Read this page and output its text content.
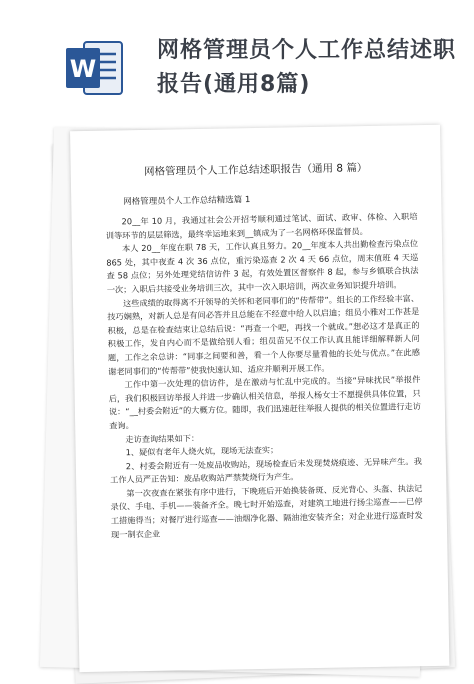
W
网格管理员个人工作总结述职
报告(通用8篇)
网格管理员个人工作总结述职报告（通用 8 篇）
网格管理员个人工作总结精选篇 1

20__年 10 月，我通过社会公开招考顺利通过笔试、面试、政审、体检、入职培训等环节的层层筛选，最终幸运地来到__镇成为了一名网格环保监督员。

本人 20__年度在职 78 天，工作认真且努力。20__年度本人共出勤检查污染点位 865 处，其中夜查 4 次 36 点位，重污染巡查 2 次 4 天 66 点位，周末值班 4 天巡查 58 点位；另外处理党结信访件 3 起，有效处置区督察件 8 起，参与乡镇联合执法一次；入职后共接受业务培训三次，其中一次入职培训，两次业务知识提升培训。

这些成绩的取得离不开领导的关怀和老同事们的“传帮带”。组长的工作经验丰富、技巧娴熟，对新人总是有问必答并且总能在不经意中给人以启迪；组员小雅对工作甚是积极，总是在检查结束让总结后说：“再查一个吧，再找一个就成。”想必这才是真正的积极工作，发自内心而不是做给别人看；组员苗兄不仅工作认真且能详细解释新人问题，工作之余总讲：“同事之间要和善，看一个人你要尽量看他的长处与优点。”在此感谢老同事们的“传帮带”使我快速认知、适应并顺利开展工作。

工作中第一次处理的信访件，是在激动与忙乱中完成的。当接“异味扰民”举报件后，我们积极回访举报人并进一步确认相关信息，举报人杨女士不愿提供具体位置，只说：“__村委会附近”的大概方位。随即，我们迅速赶往举报人提供的相关位置进行走访查询。

走访查询结果如下：

1、疑似有老年人烧火炕，现场无法查实；

2、村委会附近有一处废品收购站，现场检查后未发现焚烧痕迹、无异味产生。我工作人员严正告知：废品收购站严禁焚烧行为产生。

第一次夜查在紧张有序中进行，下晚班后开始换装备斑、反光背心、头盔、执法记录仪、手电、手机——装备齐全。晚七时开始巡查，对建筑工地进行扬尘巡查——已停工措施得当；对餐厅进行巡查——油烟净化器、隔油池安装齐全；对企业进行巡查时发现一制衣企业
